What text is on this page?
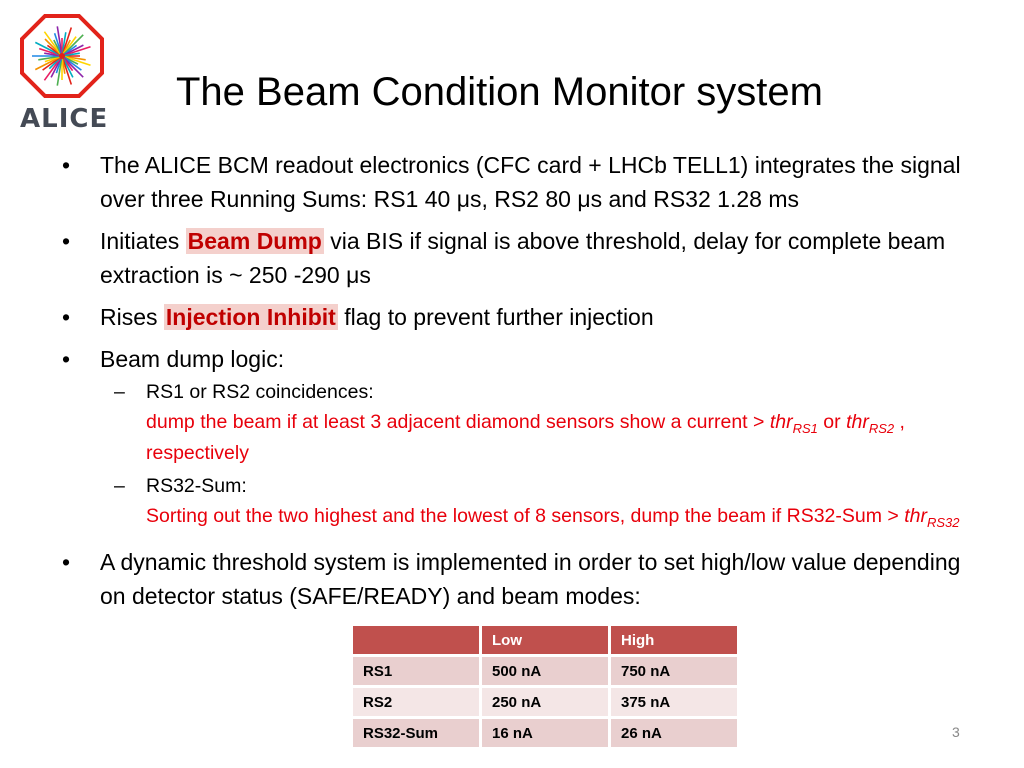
ALICE
The Beam Condition Monitor system
• The ALICE BCM readout electronics (CFC card + LHCb TELL1) integrates the signal over three Running Sums: RS1 40 μs, RS2 80 μs and RS32 1.28 ms
• Initiates Beam Dump via BIS if signal is above threshold, delay for complete beam extraction is ~ 250 -290 μs
• Rises Injection Inhibit flag to prevent further injection
• Beam dump logic:
– RS1 or RS2 coincidences:
dump the beam if at least 3 adjacent diamond sensors show a current > thr$_{RS1}$ or thr$_{RS2}$ , respectively
– RS32-Sum:
Sorting out the two highest and the lowest of 8 sensors, dump the beam if RS32-Sum > thr$_{RS32}$
• A dynamic threshold system is implemented in order to set high/low value depending on detector status (SAFE/READY) and beam modes:
	Low	High
RS1	500 nA	750 nA
RS2	250 nA	375 nA
RS32-Sum	16 nA	26 nA	3
